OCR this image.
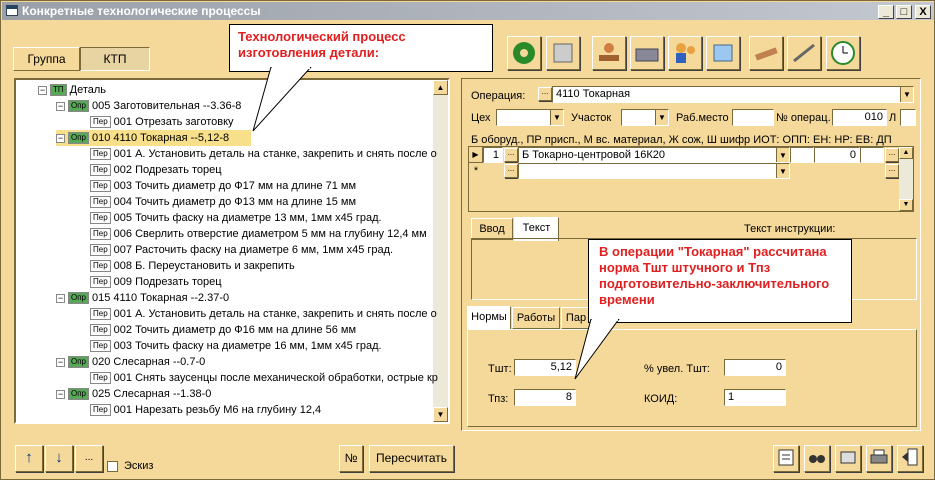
Конкретные технологические процессы	_	□	X
Группа	КТП
▲
▼
− ТП Деталь
− Опр 005 Заготовительная --3.36-8
Пер 001 Отрезать заготовку
− Опр 010 4110 Токарная --5,12-8
Пер 001 А. Установить деталь на станке, закрепить и снять после о
Пер 002 Подрезать торец
Пер 003 Точить диаметр до Ф17 мм на длине 71 мм
Пер 004 Точить диаметр до Ф13 мм на длине 15 мм
Пер 005 Точить фаску на диаметре 13 мм, 1мм х45 град.
Пер 006 Сверлить отверстие диаметром 5 мм на глубину 12,4 мм
Пер 007 Расточить фаску на диаметре 6 мм, 1мм х45 град.
Пер 008 Б. Переустановить и закрепить
Пер 009 Подрезать торец
− Опр 015 4110 Токарная --2.37-0
Пер 001 А. Установить деталь на станке, закрепить и снять после о
Пер 002 Точить диаметр до Ф16 мм на длине 56 мм
Пер 003 Точить фаску на диаметре 16 мм, 1мм х45 град.
− Опр 020 Слесарная --0.7-0
Пер 001 Снять заусенцы после механической обработки, острые кр
− Опр 025 Слесарная --1.38-0
Пер 001 Нарезать резьбу М6 на глубину 12,4
Операция:	... 4110 Токарная	▼
Цех	▼ Участок	▼ Раб.место	№ операц.	010 Л
Б оборуд., ПР присп., М вс. материал, Ж сож, Ш шифр ИОТ: ОПП: ЕН: НР: ЕВ: ДП
▶	1	... Б Токарно-центровой 16К20	▼	0	...
*	...	▼	...
▲
▼
Ввод	Текст	Текст инструкции:
Нормы Работы Пар
Тшт:	5,12
Тпз:	8
% увел. Тшт:	0
КОИД:	1
Технологический процесс изготовления детали:
В операции "Токарная" рассчитана норма Тшт штучного и Тпз подготовительно-заключительного времени
↑	↓	...
Эскиз
№	Пересчитать
